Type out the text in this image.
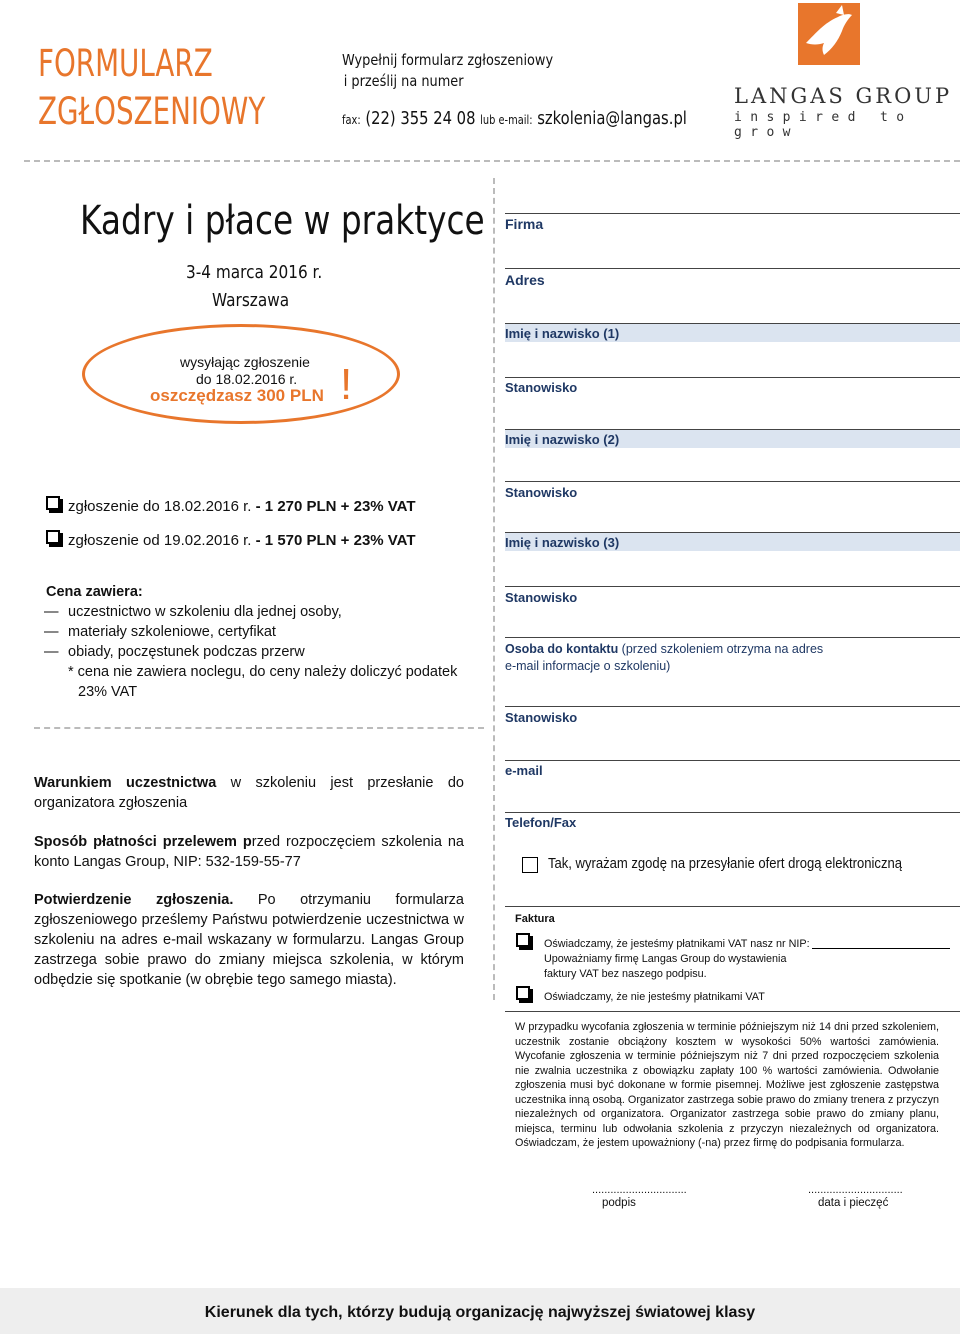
FORMULARZ
ZGŁOSZENIOWY
Wypełnij formularz zgłoszeniowy
i prześlij na numer
fax: (22) 355 24 08 lub e-mail: szkolenia@langas.pl
LANGAS GROUP
inspired to grow
Kadry i płace w praktyce
3-4 marca 2016 r.
Warszawa
wysyłając zgłoszenie
do 18.02.2016 r.
oszczędzasz 300 PLN !
zgłoszenie do 18.02.2016 r. - 1 270 PLN + 23% VAT
zgłoszenie od 19.02.2016 r. - 1 570 PLN + 23% VAT
Cena zawiera:
— uczestnictwo w szkoleniu dla jednej osoby,
— materiały szkoleniowe, certyfikat
— obiady, poczęstunek podczas przerw
* cena nie zawiera noclegu, do ceny należy doliczyć podatek
23% VAT
Warunkiem uczestnictwa w szkoleniu jest przesłanie do organizatora zgłoszenia
Sposób płatności przelewem przed rozpoczęciem szkolenia na konto Langas Group, NIP: 532-159-55-77
Potwierdzenie zgłoszenia. Po otrzymaniu formularza zgłoszeniowego prześlemy Państwu potwierdzenie uczestnictwa w szkoleniu na adres e-mail wskazany w formularzu. Langas Group zastrzega sobie prawo do zmiany miejsca szkolenia, w którym odbędzie się spotkanie (w obrębie tego samego miasta).
Firma
Adres
Imię i nazwisko (1)
Stanowisko
Imię i nazwisko (2)
Stanowisko
Imię i nazwisko (3)
Stanowisko
Osoba do kontaktu (przed szkoleniem otrzyma na adres
e-mail informacje o szkoleniu)
Stanowisko
e-mail
Telefon/Fax
Tak, wyrażam zgodę na przesyłanie ofert drogą elektroniczną
Faktura
Oświadczamy, że jesteśmy płatnikami VAT nasz nr NIP:
Upoważniamy firmę Langas Group do wystawienia
faktury VAT bez naszego podpisu.
Oświadczamy, że nie jesteśmy płatnikami VAT
W przypadku wycofania zgłoszenia w terminie późniejszym niż 14 dni przed szkoleniem, uczestnik zostanie obciążony kosztem w wysokości 50% wartości zamówienia. Wycofanie zgłoszenia w terminie późniejszym niż 7 dni przed rozpoczęciem szkolenia nie zwalnia uczestnika z obowiązku zapłaty 100 % wartości zamówienia. Odwołanie zgłoszenia musi być dokonane w formie pisemnej. Możliwe jest zgłoszenie zastępstwa uczestnika inną osobą. Organizator zastrzega sobie prawo do zmiany trenera z przyczyn niezależnych od organizatora. Organizator zastrzega sobie prawo do zmiany planu, miejsca, terminu lub odwołania szkolenia z przyczyn niezależnych od organizatora. Oświadczam, że jestem upoważniony (-na) przez firmę do podpisania formularza.
...............................	...............................
podpis	data i pieczęć
Kierunek dla tych, którzy budują organizację najwyższej światowej klasy
